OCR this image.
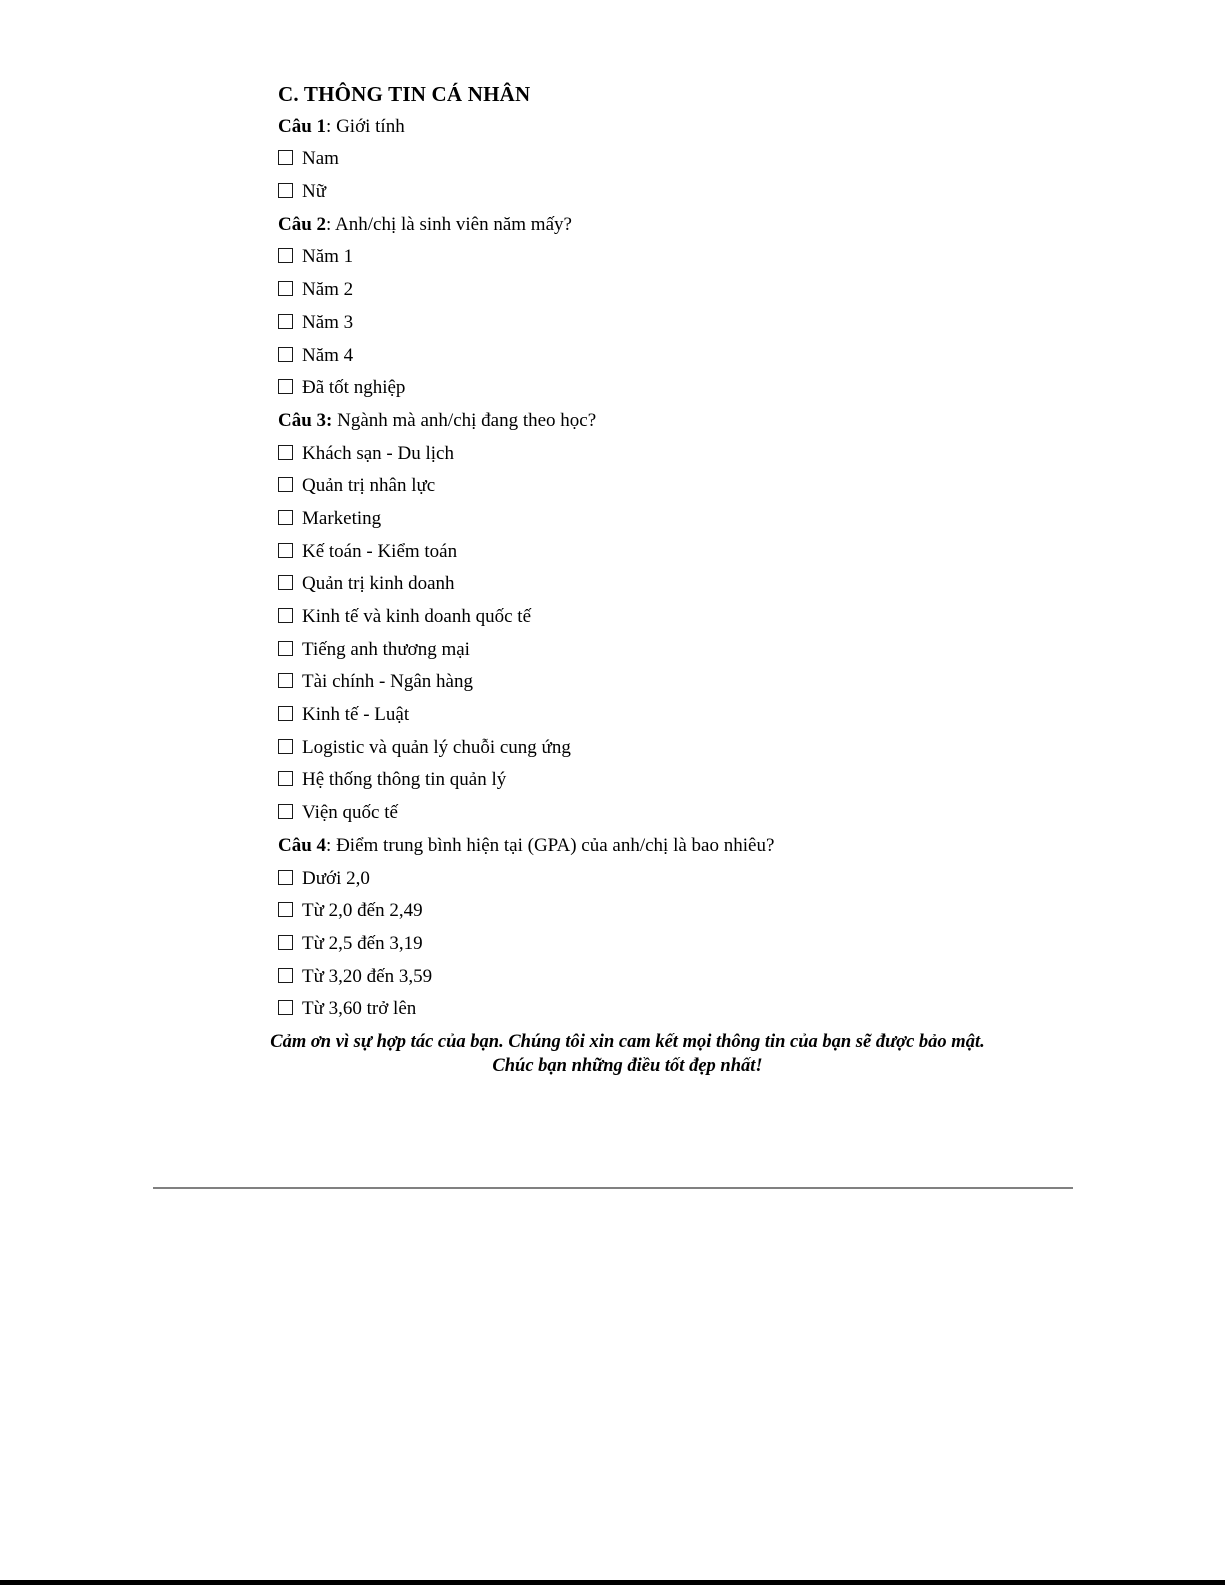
C. THÔNG TIN CÁ NHÂN
Câu 1: Giới tính
Nam
Nữ
Câu 2: Anh/chị là sinh viên năm mấy?
Năm 1
Năm 2
Năm 3
Năm 4
Đã tốt nghiệp
Câu 3: Ngành mà anh/chị đang theo học?
Khách sạn - Du lịch
Quản trị nhân lực
Marketing
Kế toán - Kiểm toán
Quản trị kinh doanh
Kinh tế và kinh doanh quốc tế
Tiếng anh thương mại
Tài chính - Ngân hàng
Kinh tế - Luật
Logistic và quản lý chuỗi cung ứng
Hệ thống thông tin quản lý
Viện quốc tế
Câu 4: Điểm trung bình hiện tại (GPA) của anh/chị là bao nhiêu?
Dưới 2,0
Từ 2,0 đến 2,49
Từ 2,5 đến 3,19
Từ 3,20 đến 3,59
Từ 3,60 trở lên
Cảm ơn vì sự hợp tác của bạn. Chúng tôi xin cam kết mọi thông tin của bạn sẽ được bảo mật.
Chúc bạn những điều tốt đẹp nhất!
